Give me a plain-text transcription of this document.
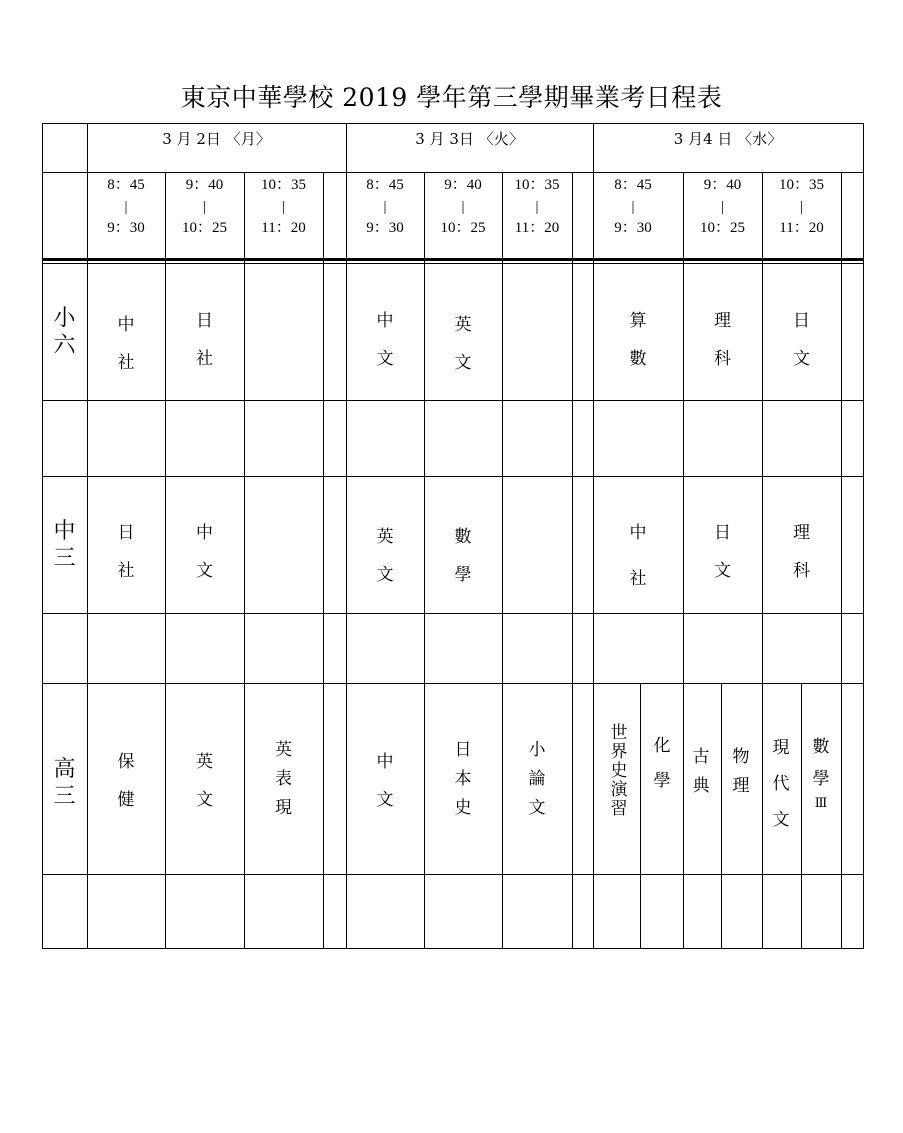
東京中華學校 2019 學年第三學期畢業考日程表
3 月 2日 〈月〉	3 月 3日 〈火〉	3 月4 日 〈水〉
8：45
|
9：30
9：40
|
10：25
10：35
|
11：20
8：45
|
9：30
9：40
|
10：25
10：35
|
11：20
8：45
|
9：30
9：40
|
10：25
10：35
|
11：20
小
六
中
三
高
三
中
社
日
社
中
文
英
文
算
數
理
科
日
文
日
社
中
文
英
文
數
學
中
社
日
文
理
科
保
健
英
文
英
表
現
中
文
日
本
史
小
論
文
世
界
史
演
習
化
學
古
典
物
理
現
代
文
數
學
Ⅲ
